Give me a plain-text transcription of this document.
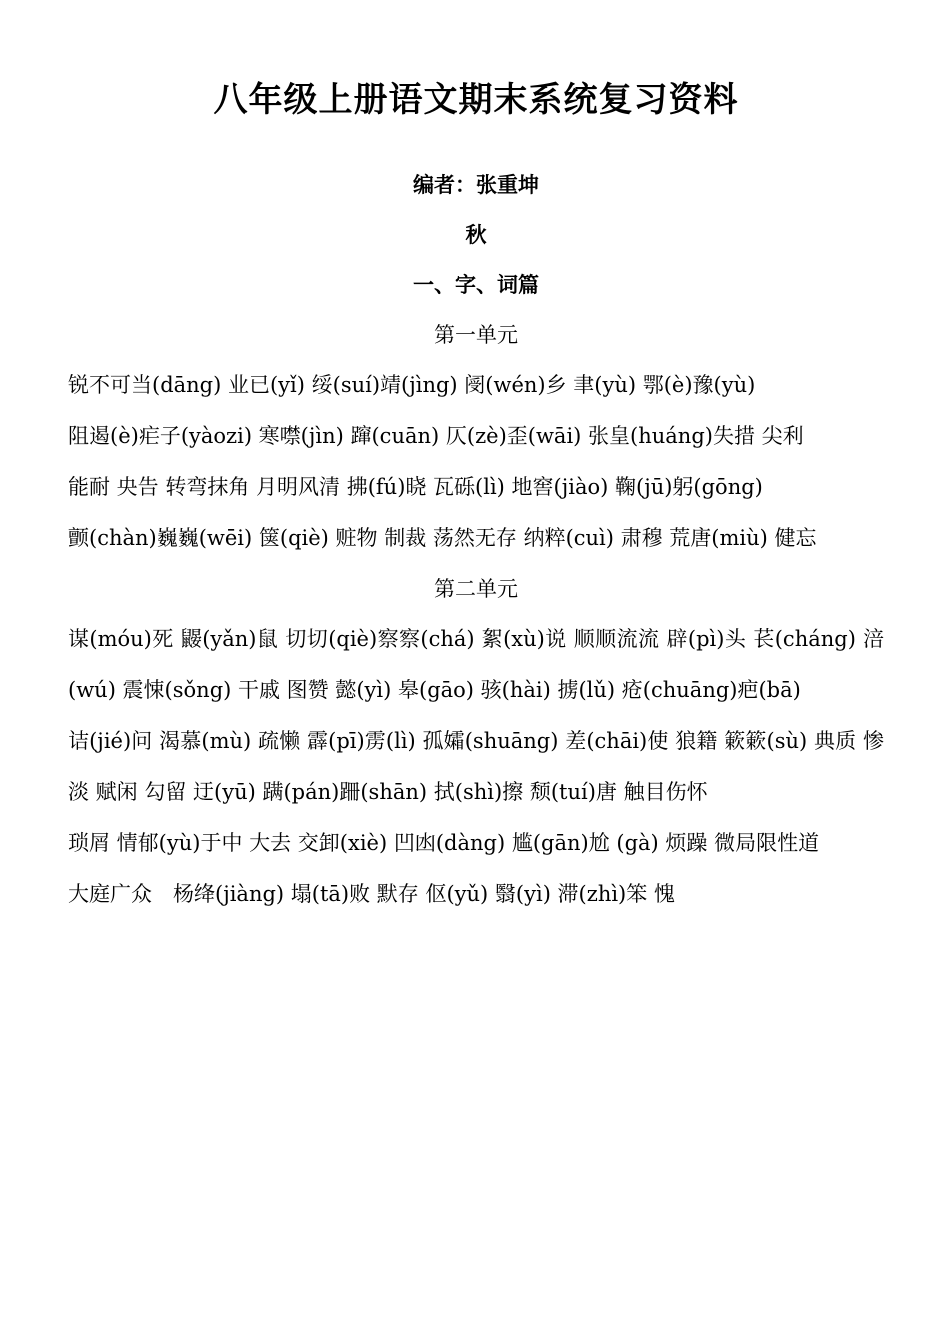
八年级上册语文期末系统复习资料
编者：张重坤
秋
一、字、词篇
第一单元
锐不可当(dāng) 业已(yǐ) 绥(suí)靖(jìng) 阌(wén)乡 聿(yù) 鄂(è)豫(yù)
阻遏(è)疟子(yàozi) 寒噤(jìn) 蹿(cuān) 仄(zè)歪(wāi) 张皇(huáng)失措 尖利
能耐 央告 转弯抹角 月明风清 拂(fú)晓 瓦砾(lì) 地窖(jiào) 鞠(jū)躬(gōng)
颤(chàn)巍巍(wēi) 箧(qiè) 赃物 制裁 荡然无存 纳粹(cuì) 肃穆 荒唐(miù) 健忘
第二单元
谋(móu)死 鼹(yǎn)鼠 切切(qiè)察察(chá) 絮(xù)说 顺顺流流 辟(pì)头 苌(cháng) 涪(wú) 震悚(sǒng) 干戚 图赞 懿(yì) 皋(gāo) 骇(hài) 掳(lǔ) 疮(chuāng)疤(bā)
诘(jié)问 渴慕(mù) 疏懒 霹(pī)雳(lì) 孤孀(shuāng) 差(chāi)使 狼籍 簌簌(sù) 典质 惨淡 赋闲 勾留 迂(yū) 蹒(pán)跚(shān) 拭(shì)擦 颓(tuí)唐 触目伤怀
琐屑 情郁(yù)于中 大去 交卸(xiè) 凹凼(dàng) 尴(gān)尬 (gà) 烦躁 微局限性道
大庭广众　杨绛(jiàng) 塌(tā)败 默存 伛(yǔ) 翳(yì) 滞(zhì)笨 愧
